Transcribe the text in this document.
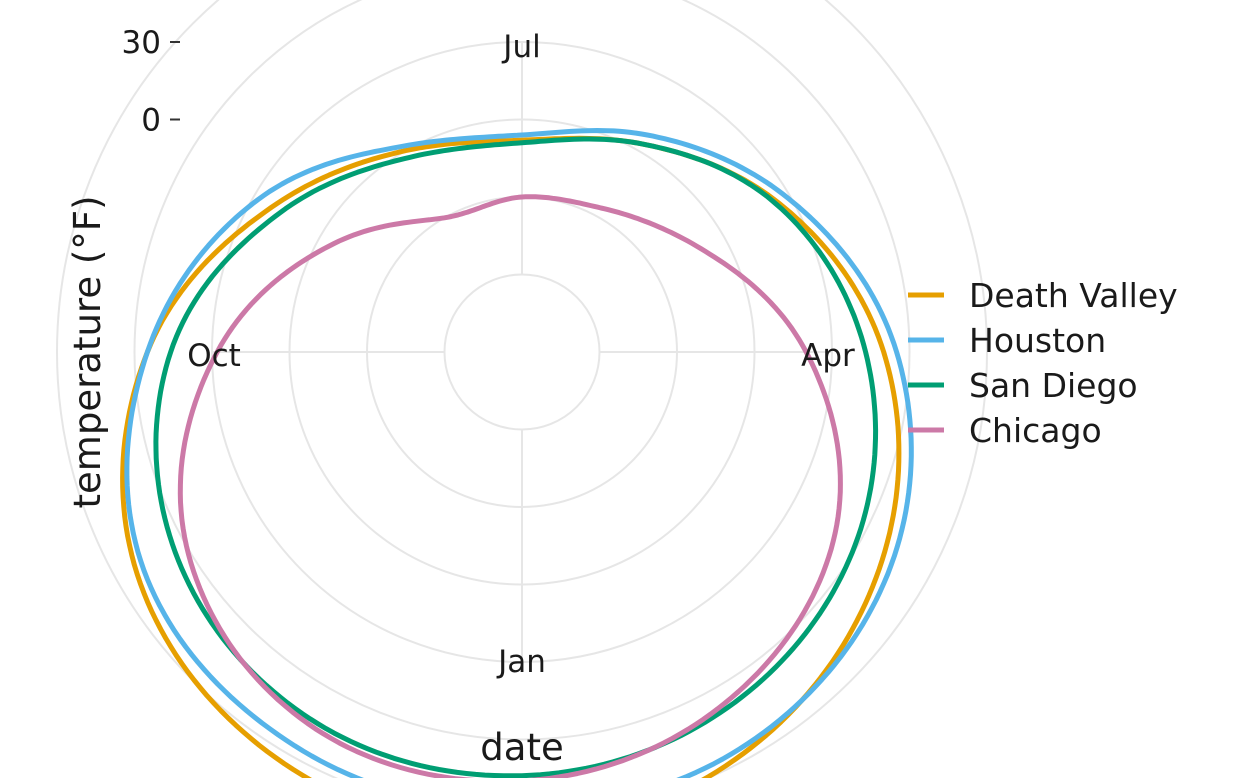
0
30
Jan
Apr
Jul
Oct
date
temperature (°F)	Death Valley
Houston
San Diego
Chicago
